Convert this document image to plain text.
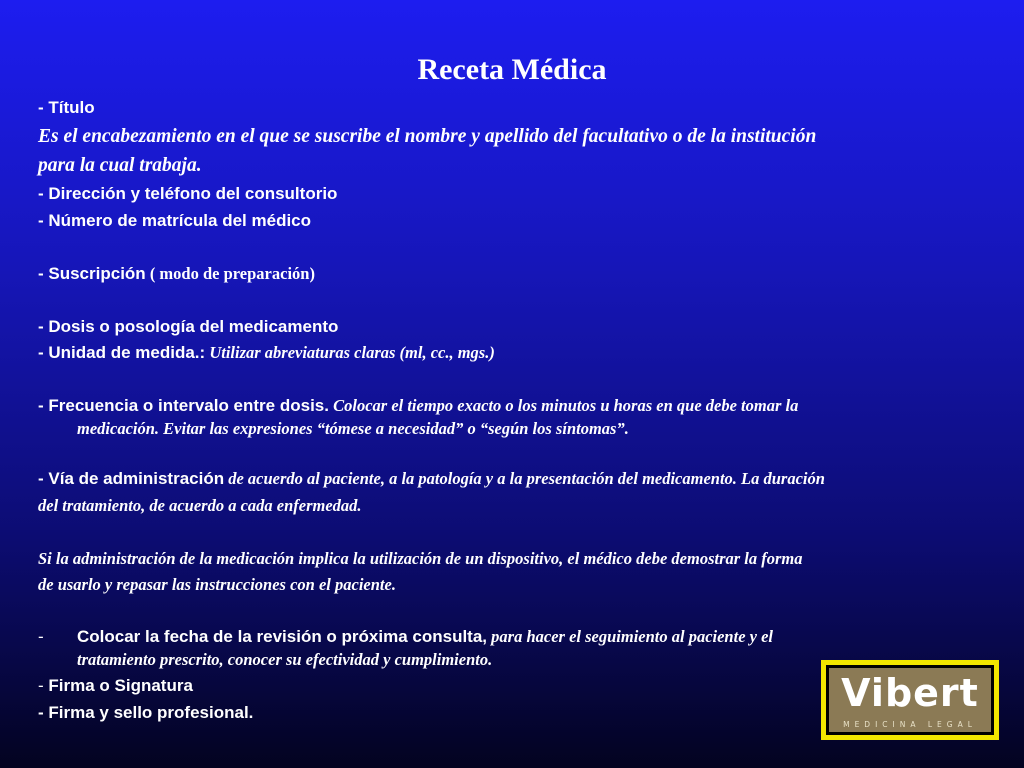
Receta Médica
- Título
Es el encabezamiento en el que se suscribe el nombre y apellido del facultativo o de la institución
para la cual trabaja.
- Dirección y teléfono del consultorio
- Número de matrícula del médico
- Suscripción ( modo de preparación)
- Dosis o posología del medicamento
- Unidad de medida.: Utilizar abreviaturas claras (ml, cc., mgs.)
- Frecuencia o intervalo entre dosis. Colocar el tiempo exacto o los minutos u horas en que debe tomar la
medicación. Evitar las expresiones “tómese a necesidad” o “según los síntomas”.
- Vía de administración de acuerdo al paciente, a la patología y a la presentación del medicamento. La duración
del tratamiento, de acuerdo a cada enfermedad.
Si la administración de la medicación implica la utilización de un dispositivo, el médico debe demostrar la forma
de usarlo y repasar las instrucciones con el paciente.
- Colocar la fecha de la revisión o próxima consulta, para hacer el seguimiento al paciente y el
tratamiento prescrito, conocer su efectividad y cumplimiento.
- Firma o Signatura
- Firma y sello profesional.	Vibert
MEDICINA LEGAL
